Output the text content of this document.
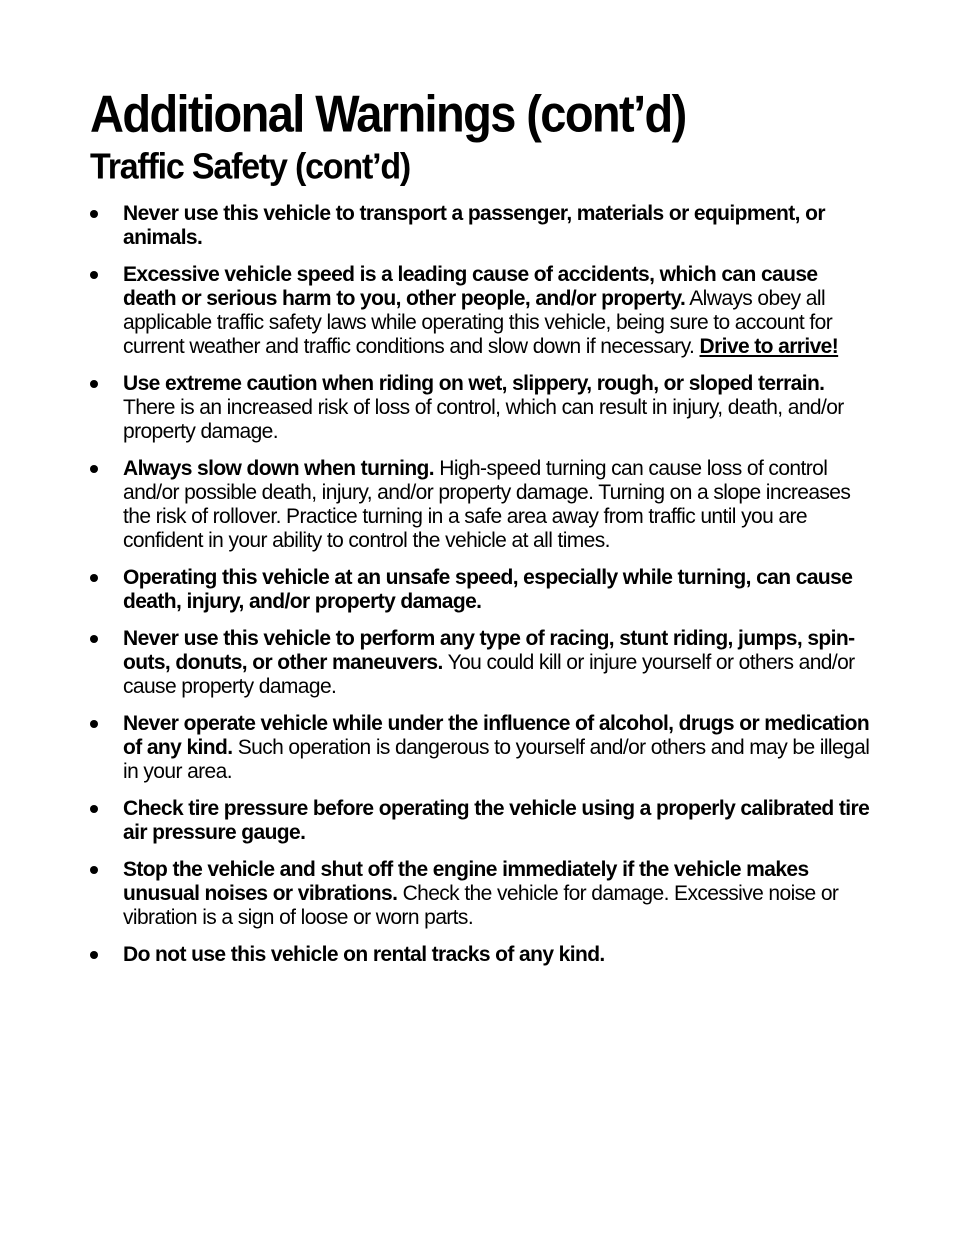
Additional Warnings (cont’d)
Traffic Safety (cont’d)
Never use this vehicle to transport a passenger, materials or equipment, or animals.
Excessive vehicle speed is a leading cause of accidents, which can cause death or serious harm to you, other people, and/or property. Always obey all applicable traffic safety laws while operating this vehicle, being sure to account for current weather and traffic conditions and slow down if necessary. Drive to arrive!
Use extreme caution when riding on wet, slippery, rough, or sloped terrain. There is an increased risk of loss of control, which can result in injury, death, and/or property damage.
Always slow down when turning. High-speed turning can cause loss of control and/or possible death, injury, and/or property damage. Turning on a slope increases the risk of rollover. Practice turning in a safe area away from traffic until you are confident in your ability to control the vehicle at all times.
Operating this vehicle at an unsafe speed, especially while turning, can cause death, injury, and/or property damage.
Never use this vehicle to perform any type of racing, stunt riding, jumps, spin-outs, donuts, or other maneuvers. You could kill or injure yourself or others and/or cause property damage.
Never operate vehicle while under the influence of alcohol, drugs or medication of any kind. Such operation is dangerous to yourself and/or others and may be illegal in your area.
Check tire pressure before operating the vehicle using a properly calibrated tire air pressure gauge.
Stop the vehicle and shut off the engine immediately if the vehicle makes unusual noises or vibrations. Check the vehicle for damage. Excessive noise or vibration is a sign of loose or worn parts.
Do not use this vehicle on rental tracks of any kind.
